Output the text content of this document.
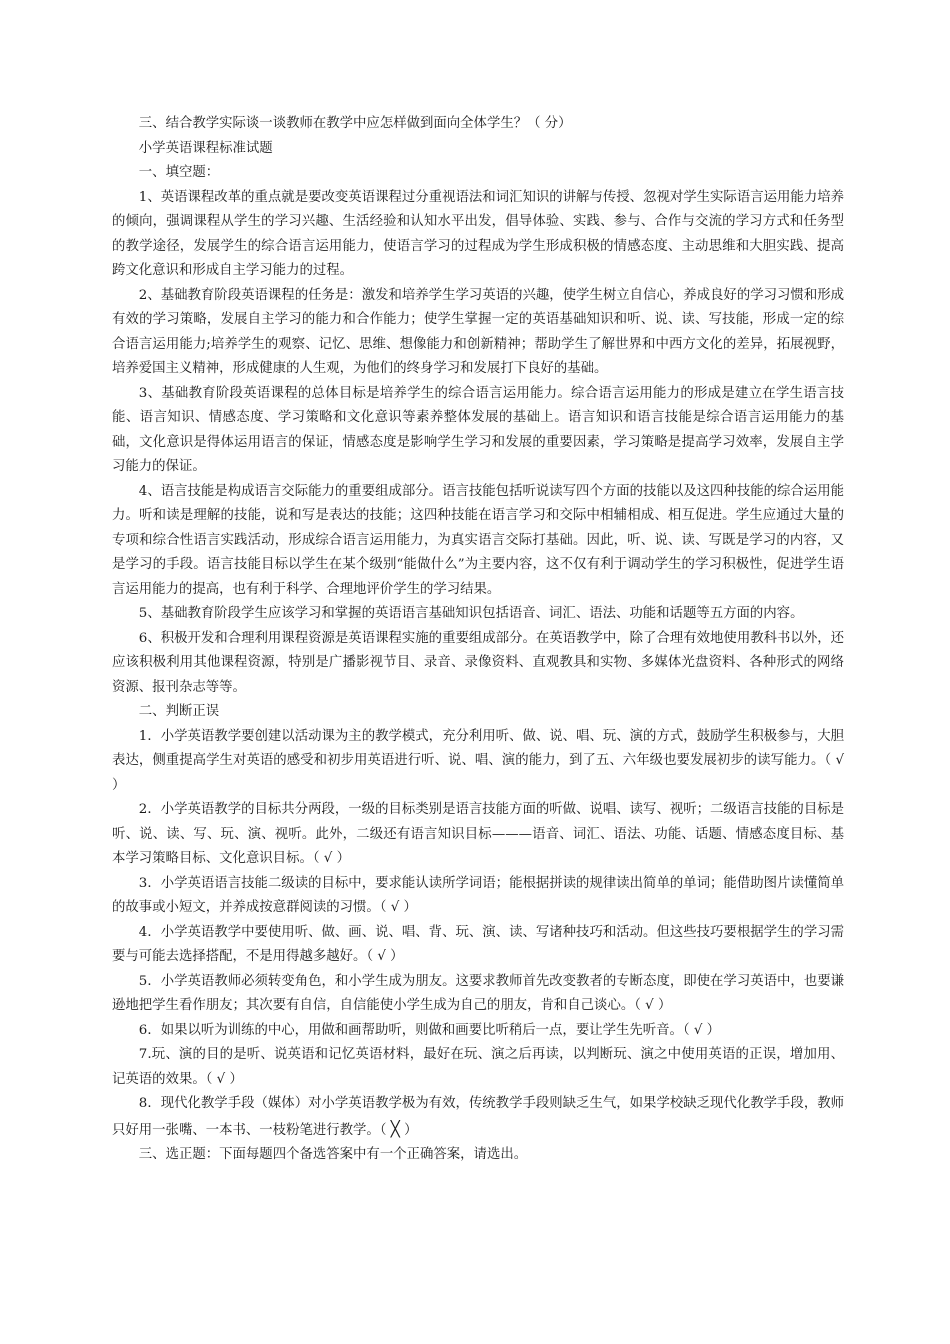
三、结合教学实际谈一谈教师在教学中应怎样做到面向全体学生？（ 分）

小学英语课程标准试题

一、填空题：

1、英语课程改革的重点就是要改变英语课程过分重视语法和词汇知识的讲解与传授、忽视对学生实际语言运用能力培养的倾向，强调课程从学生的学习兴趣、生活经验和认知水平出发，倡导体验、实践、参与、合作与交流的学习方式和任务型的教学途径，发展学生的综合语言运用能力，使语言学习的过程成为学生形成积极的情感态度、主动思维和大胆实践、提高跨文化意识和形成自主学习能力的过程。

2、基础教育阶段英语课程的任务是：激发和培养学生学习英语的兴趣，使学生树立自信心，养成良好的学习习惯和形成有效的学习策略，发展自主学习的能力和合作能力；使学生掌握一定的英语基础知识和听、说、读、写技能，形成一定的综合语言运用能力;培养学生的观察、记忆、思维、想像能力和创新精神；帮助学生了解世界和中西方文化的差异，拓展视野，培养爱国主义精神，形成健康的人生观，为他们的终身学习和发展打下良好的基础。

3、基础教育阶段英语课程的总体目标是培养学生的综合语言运用能力。综合语言运用能力的形成是建立在学生语言技能、语言知识、情感态度、学习策略和文化意识等素养整体发展的基础上。语言知识和语言技能是综合语言运用能力的基础，文化意识是得体运用语言的保证，情感态度是影响学生学习和发展的重要因素，学习策略是提高学习效率，发展自主学习能力的保证。

4、语言技能是构成语言交际能力的重要组成部分。语言技能包括听说读写四个方面的技能以及这四种技能的综合运用能力。听和读是理解的技能，说和写是表达的技能；这四种技能在语言学习和交际中相辅相成、相互促进。学生应通过大量的专项和综合性语言实践活动，形成综合语言运用能力，为真实语言交际打基础。因此，听、说、读、写既是学习的内容，又是学习的手段。语言技能目标以学生在某个级别“能做什么”为主要内容，这不仅有利于调动学生的学习积极性，促进学生语言运用能力的提高，也有利于科学、合理地评价学生的学习结果。

5、基础教育阶段学生应该学习和掌握的英语语言基础知识包括语音、词汇、语法、功能和话题等五方面的内容。

6、积极开发和合理利用课程资源是英语课程实施的重要组成部分。在英语教学中，除了合理有效地使用教科书以外，还应该积极利用其他课程资源，特别是广播影视节目、录音、录像资料、直观教具和实物、多媒体光盘资料、各种形式的网络资源、报刊杂志等等。

二、判断正误

1．小学英语教学要创建以活动课为主的教学模式，充分利用听、做、说、唱、玩、演的方式，鼓励学生积极参与，大胆表达，侧重提高学生对英语的感受和初步用英语进行听、说、唱、演的能力，到了五、六年级也要发展初步的读写能力。（ √ ）

2．小学英语教学的目标共分两段，一级的目标类别是语言技能方面的听做、说唱、读写、视听；二级语言技能的目标是听、说、读、写、玩、演、视听。此外，二级还有语言知识目标———语音、词汇、语法、功能、话题、情感态度目标、基本学习策略目标、文化意识目标。（ √ ）

3．小学英语语言技能二级读的目标中，要求能认读所学词语；能根据拼读的规律读出简单的单词；能借助图片读懂简单的故事或小短文，并养成按意群阅读的习惯。（ √ ）

4．小学英语教学中要使用听、做、画、说、唱、背、玩、演、读、写诸种技巧和活动。但这些技巧要根据学生的学习需要与可能去选择搭配，不是用得越多越好。（ √ ）

5．小学英语教师必须转变角色，和小学生成为朋友。这要求教师首先改变教者的专断态度，即使在学习英语中，也要谦逊地把学生看作朋友；其次要有自信，自信能使小学生成为自己的朋友，肯和自己谈心。（ √ ）

6．如果以听为训练的中心，用做和画帮助听，则做和画要比听稍后一点，要让学生先听音。（ √ ）

7.玩、演的目的是听、说英语和记忆英语材料，最好在玩、演之后再读，以判断玩、演之中使用英语的正误，增加用、记英语的效果。（ √ ）

8．现代化教学手段（媒体）对小学英语教学极为有效，传统教学手段则缺乏生气，如果学校缺乏现代化教学手段，教师只好用一张嘴、一本书、一枝粉笔进行教学。（ ╳ ）

三、选正题：下面每题四个备选答案中有一个正确答案，请选出。
